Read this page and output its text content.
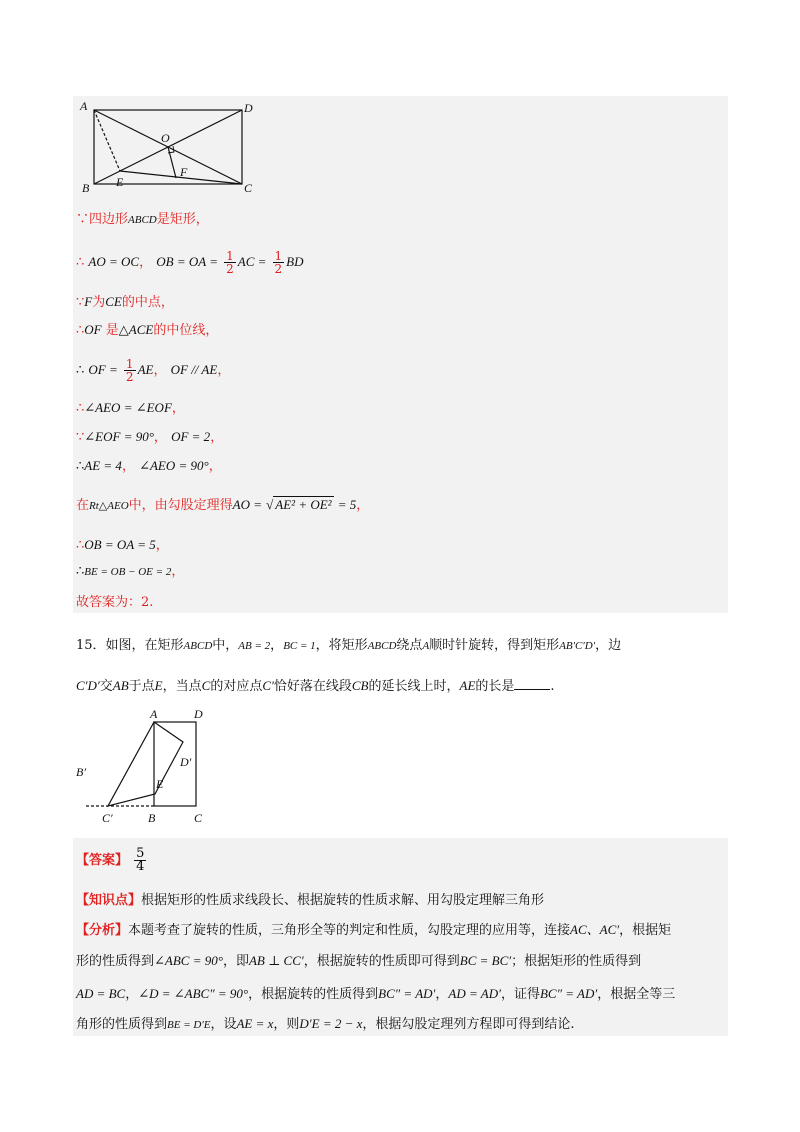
A
B	C
D
O
E
F
∵四边形ABCD是矩形，
∴ AO = OC， OB = OA = $\frac{1}{2}$ AC = $\frac{1}{2}$ BD
∵F为CE的中点，
∴OF 是△ACE的中位线，
∴ OF = $\frac{1}{2}$ AE， OF // AE，
∴∠AEO = ∠EOF，
∵∠EOF = 90°， OF = 2，
∴AE = 4， ∠AEO = 90°，
在Rt△AEO中，由勾股定理得AO = √ AE² + OE² = 5，
∴OB = OA = 5，
∴BE = OB − OE = 2，
故答案为：2.
15．如图，在矩形ABCD中，AB = 2，BC = 1，将矩形ABCD绕点A顺时针旋转，得到矩形AB′C′D′，边
C′D′交AB于点E，当点C的对应点C′恰好落在线段CB的延长线上时，AE的长是	.
A	D
B′
D′
E
C′	B	C
【答案】 $\frac{5}{4}$
【知识点】根据矩形的性质求线段长、根据旋转的性质求解、用勾股定理解三角形
【分析】本题考查了旋转的性质，三角形全等的判定和性质，勾股定理的应用等，连接AC、AC′，根据矩
形的性质得到∠ABC = 90°，即AB ⊥ CC′，根据旋转的性质即可得到BC = BC′；根据矩形的性质得到
AD = BC，∠D = ∠ABC″ = 90°，根据旋转的性质得到BC″ = AD′，AD = AD′，证得BC″ = AD′，根据全等三
角形的性质得到BE = D′E，设AE = x，则D′E = 2 − x，根据勾股定理列方程即可得到结论.
